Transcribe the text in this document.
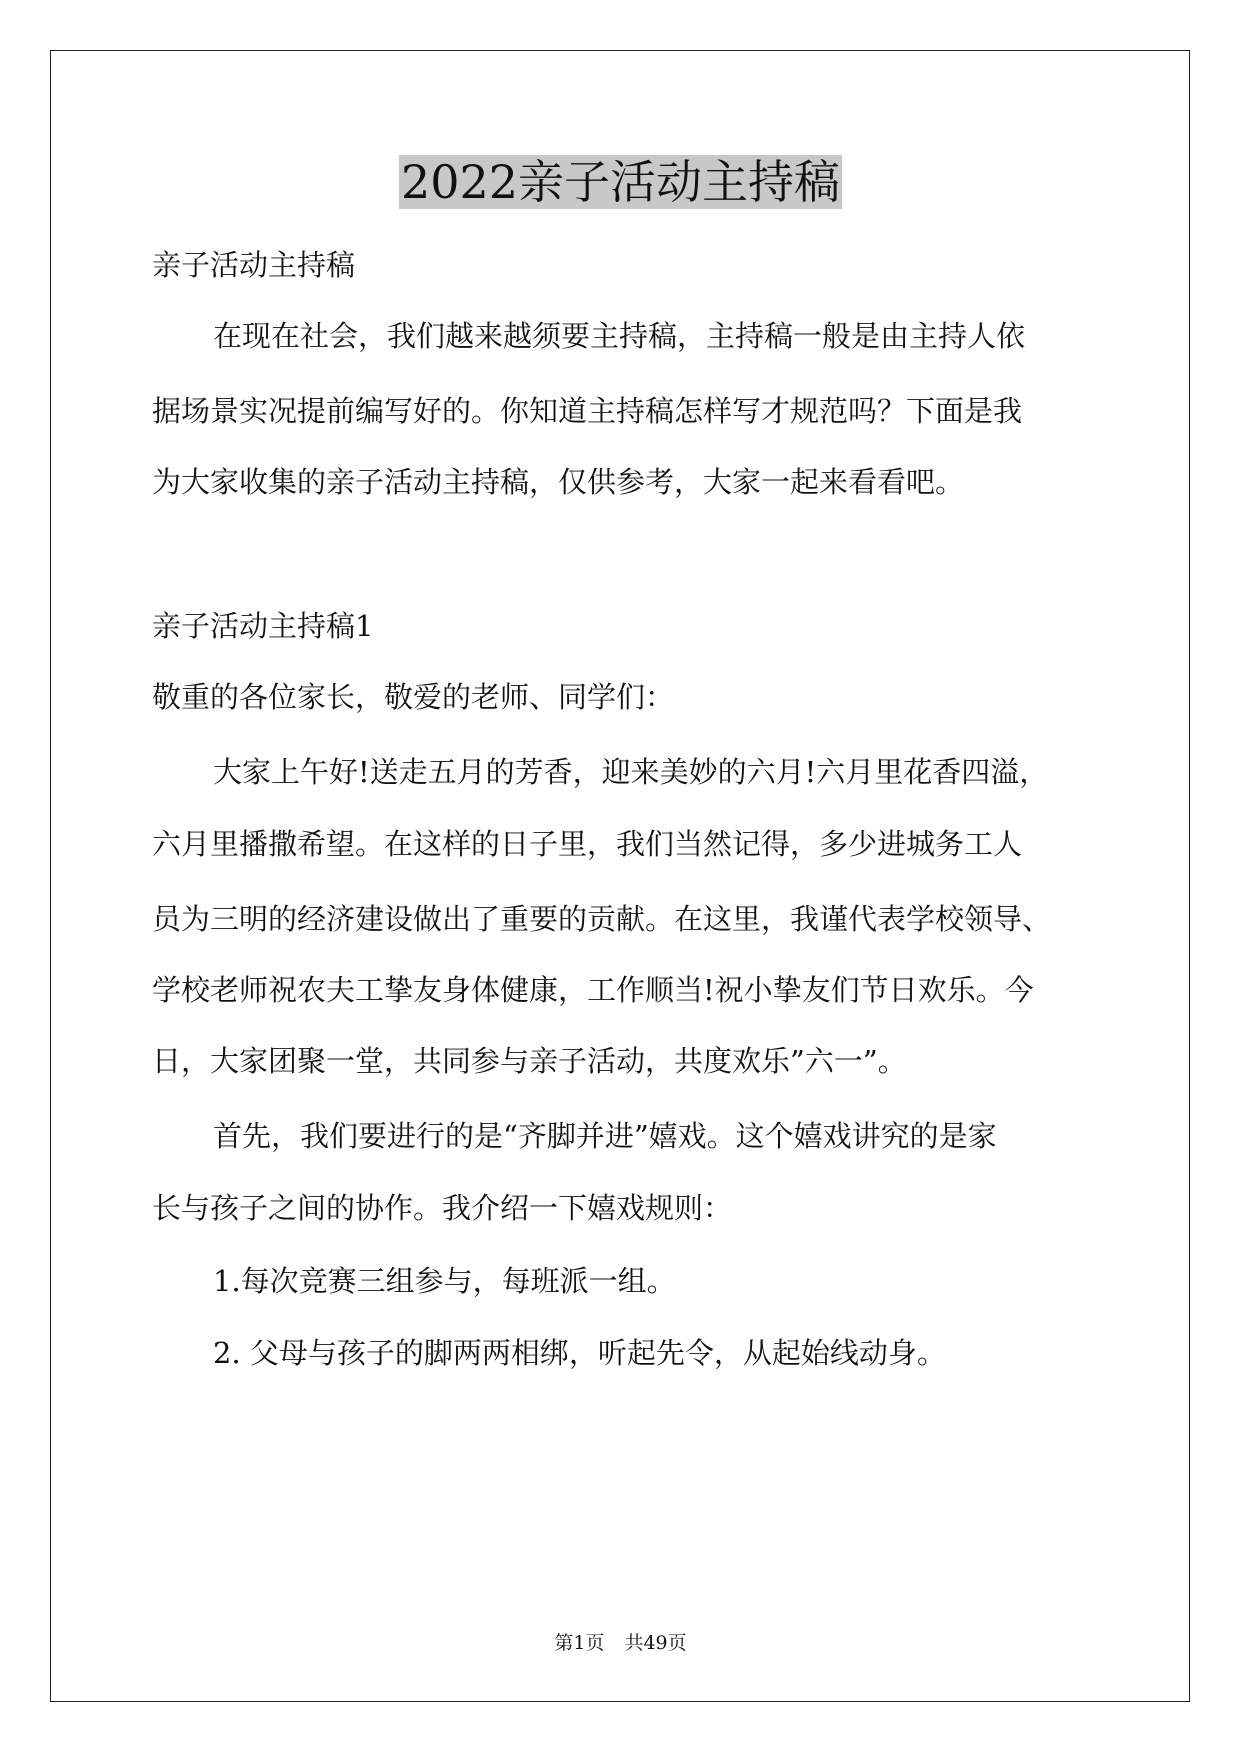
2022亲子活动主持稿
亲子活动主持稿
在现在社会，我们越来越须要主持稿，主持稿一般是由主持人依
据场景实况提前编写好的。你知道主持稿怎样写才规范吗？下面是我
为大家收集的亲子活动主持稿，仅供参考，大家一起来看看吧。
亲子活动主持稿1
敬重的各位家长，敬爱的老师、同学们：
大家上午好!送走五月的芳香，迎来美妙的六月!六月里花香四溢，
六月里播撒希望。在这样的日子里，我们当然记得，多少进城务工人
员为三明的经济建设做出了重要的贡献。在这里，我谨代表学校领导、
学校老师祝农夫工挚友身体健康，工作顺当!祝小挚友们节日欢乐。今
日，大家团聚一堂，共同参与亲子活动，共度欢乐”六一”。
首先，我们要进行的是“齐脚并进”嬉戏。这个嬉戏讲究的是家
长与孩子之间的协作。我介绍一下嬉戏规则：
1.每次竞赛三组参与，每班派一组。
2. 父母与孩子的脚两两相绑，听起先令，从起始线动身。
第1页 共49页
